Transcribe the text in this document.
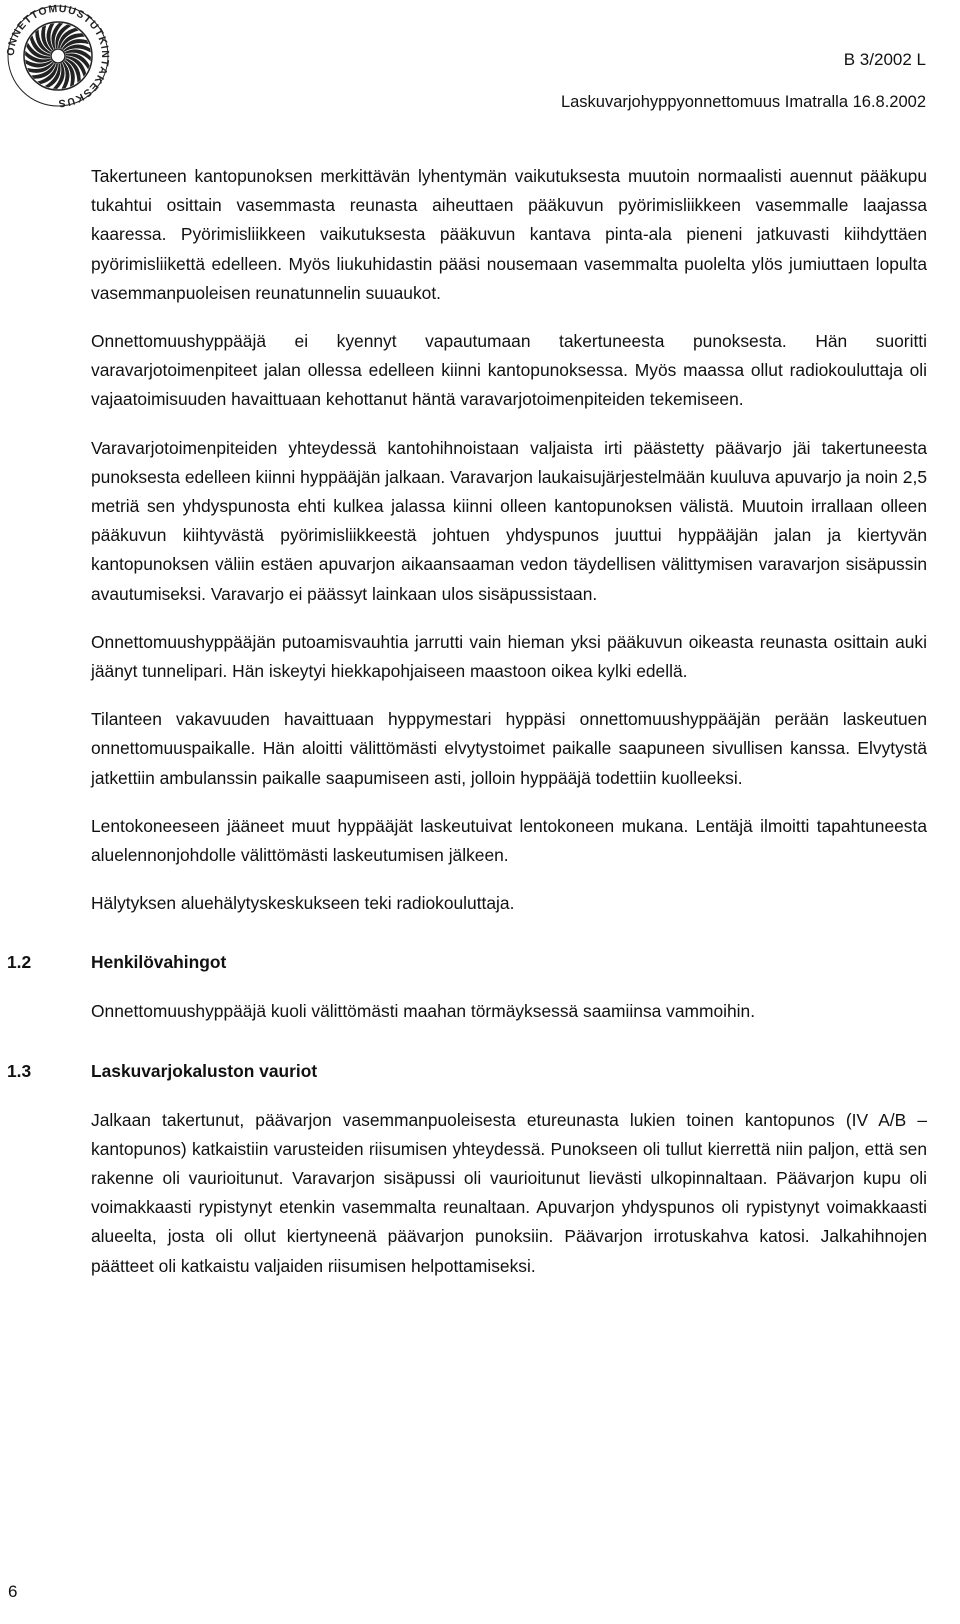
ONNETTOMUUSTUTKINTAKESKUS
B 3/2002 L
Laskuvarjohyppyonnettomuus Imatralla 16.8.2002

Takertuneen kantopunoksen merkittävän lyhentymän vaikutuksesta muutoin normaalisti auennut pääkupu tukahtui osittain vasemmasta reunasta aiheuttaen pääkuvun pyörimisliikkeen vasemmalle laajassa kaaressa. Pyörimisliikkeen vaikutuksesta pääkuvun kantava pinta-ala pieneni jatkuvasti kiihdyttäen pyörimisliikettä edelleen. Myös liukuhidastin pääsi nousemaan vasemmalta puolelta ylös jumiuttaen lopulta vasemmanpuoleisen reunatunnelin suuaukot.

Onnettomuushyppääjä ei kyennyt vapautumaan takertuneesta punoksesta. Hän suoritti varavarjotoimenpiteet jalan ollessa edelleen kiinni kantopunoksessa. Myös maassa ollut radiokouluttaja oli vajaatoimisuuden havaittuaan kehottanut häntä varavarjotoimenpiteiden tekemiseen.

Varavarjotoimenpiteiden yhteydessä kantohihnoistaan valjaista irti päästetty päävarjo jäi takertuneesta punoksesta edelleen kiinni hyppääjän jalkaan. Varavarjon laukaisujärjestelmään kuuluva apuvarjo ja noin 2,5 metriä sen yhdyspunosta ehti kulkea jalassa kiinni olleen kantopunoksen välistä. Muutoin irrallaan olleen pääkuvun kiihtyvästä pyörimisliikkeestä johtuen yhdyspunos juuttui hyppääjän jalan ja kiertyvän kantopunoksen väliin estäen apuvarjon aikaansaaman vedon täydellisen välittymisen varavarjon sisäpussin avautumiseksi. Varavarjo ei päässyt lainkaan ulos sisäpussistaan.

Onnettomuushyppääjän putoamisvauhtia jarrutti vain hieman yksi pääkuvun oikeasta reunasta osittain auki jäänyt tunnelipari. Hän iskeytyi hiekkapohjaiseen maastoon oikea kylki edellä.

Tilanteen vakavuuden havaittuaan hyppymestari hyppäsi onnettomuushyppääjän perään laskeutuen onnettomuuspaikalle. Hän aloitti välittömästi elvytystoimet paikalle saapuneen sivullisen kanssa. Elvytystä jatkettiin ambulanssin paikalle saapumiseen asti, jolloin hyppääjä todettiin kuolleeksi.

Lentokoneeseen jääneet muut hyppääjät laskeutuivat lentokoneen mukana. Lentäjä ilmoitti tapahtuneesta aluelennonjohdolle välittömästi laskeutumisen jälkeen.

Hälytyksen aluehälytyskeskukseen teki radiokouluttaja.

1.2	Henkilövahingot

Onnettomuushyppääjä kuoli välittömästi maahan törmäyksessä saamiinsa vammoihin.

1.3	Laskuvarjokaluston vauriot

Jalkaan takertunut, päävarjon vasemmanpuoleisesta etureunasta lukien toinen kantopunos (IV A/B –kantopunos) katkaistiin varusteiden riisumisen yhteydessä. Punokseen oli tullut kierrettä niin paljon, että sen rakenne oli vaurioitunut. Varavarjon sisäpussi oli vaurioitunut lievästi ulkopinnaltaan. Päävarjon kupu oli voimakkaasti rypistynyt etenkin vasemmalta reunaltaan. Apuvarjon yhdyspunos oli rypistynyt voimakkaasti alueelta, josta oli ollut kiertyneenä päävarjon punoksiin. Päävarjon irrotuskahva katosi. Jalkahihnojen päätteet oli katkaistu valjaiden riisumisen helpottamiseksi.

6
